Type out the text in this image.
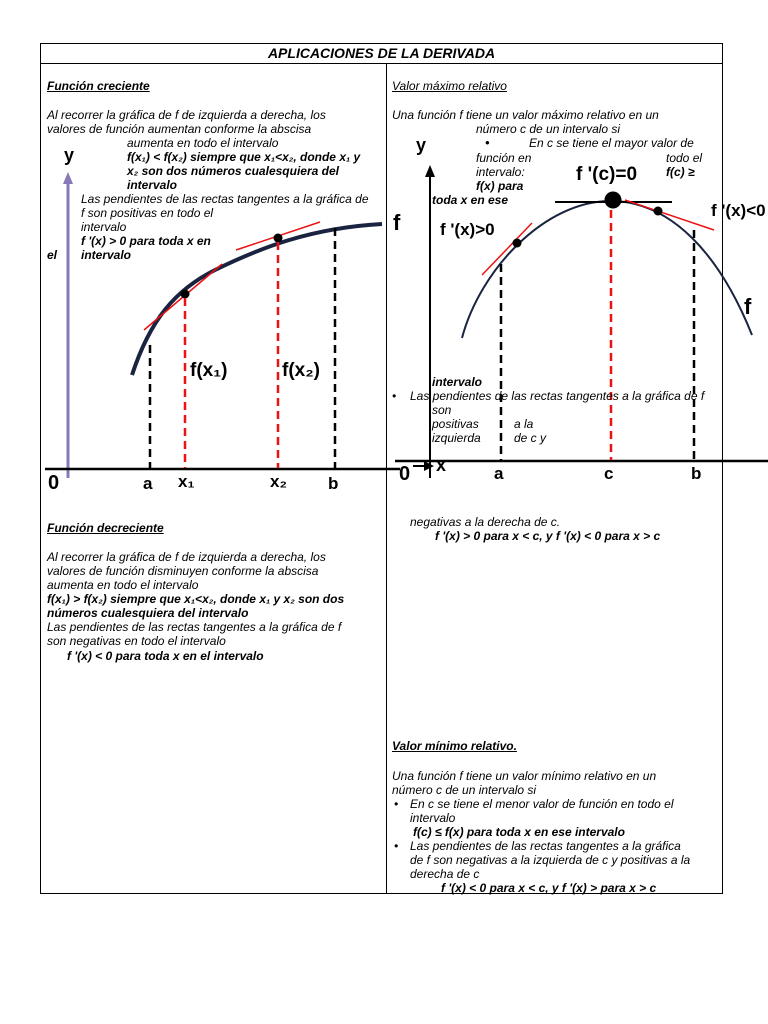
APLICACIONES DE LA DERIVADA
Función creciente
Al recorrer la gráfica de f de izquierda a derecha, los
valores de función aumentan conforme la abscisa
aumenta en todo el intervalo
f(x₁) < f(x₂) siempre que x₁<x₂, donde x₁ y
x₂ son dos números cualesquiera del
intervalo
Las pendientes de las rectas tangentes a la gráfica de
f son positivas en todo el
intervalo
f '(x) > 0 para toda x en
el intervalo
y
0	a x₁	x₂ b
f(x₁)	f(x₂)
Valor máximo relativo
Una función f tiene un valor máximo relativo en un
número c de un intervalo si
•	En c se tiene el mayor valor de
función en	todo el
intervalo:	f(c) ≥
f(x) para
toda x en ese
y
f
f
f '(c)=0
f '(x)>0
f '(x)<0
intervalo
• Las pendientes de las rectas tangentes a la gráfica de f
son
positivas	a la
izquierda	de c y
0 x	a	c	b
negativas a la derecha de c.
f '(x) > 0 para x < c, y f '(x) < 0 para x > c
Función decreciente
Al recorrer la gráfica de f de izquierda a derecha, los
valores de función disminuyen conforme la abscisa
aumenta en todo el intervalo
f(x₁) > f(x₂) siempre que x₁<x₂, donde x₁ y x₂ son dos
números cualesquiera del intervalo
Las pendientes de las rectas tangentes a la gráfica de f
son negativas en todo el intervalo
f '(x) < 0 para toda x en el intervalo
Valor mínimo relativo.
Una función f tiene un valor mínimo relativo en un
número c de un intervalo si
• En c se tiene el menor valor de función en todo el
intervalo
f(c) ≤ f(x) para toda x en ese intervalo
• Las pendientes de las rectas tangentes a la gráfica
de f son negativas a la izquierda de c y positivas a la
derecha de c
f '(x) < 0 para x < c, y f '(x) > para x > c
